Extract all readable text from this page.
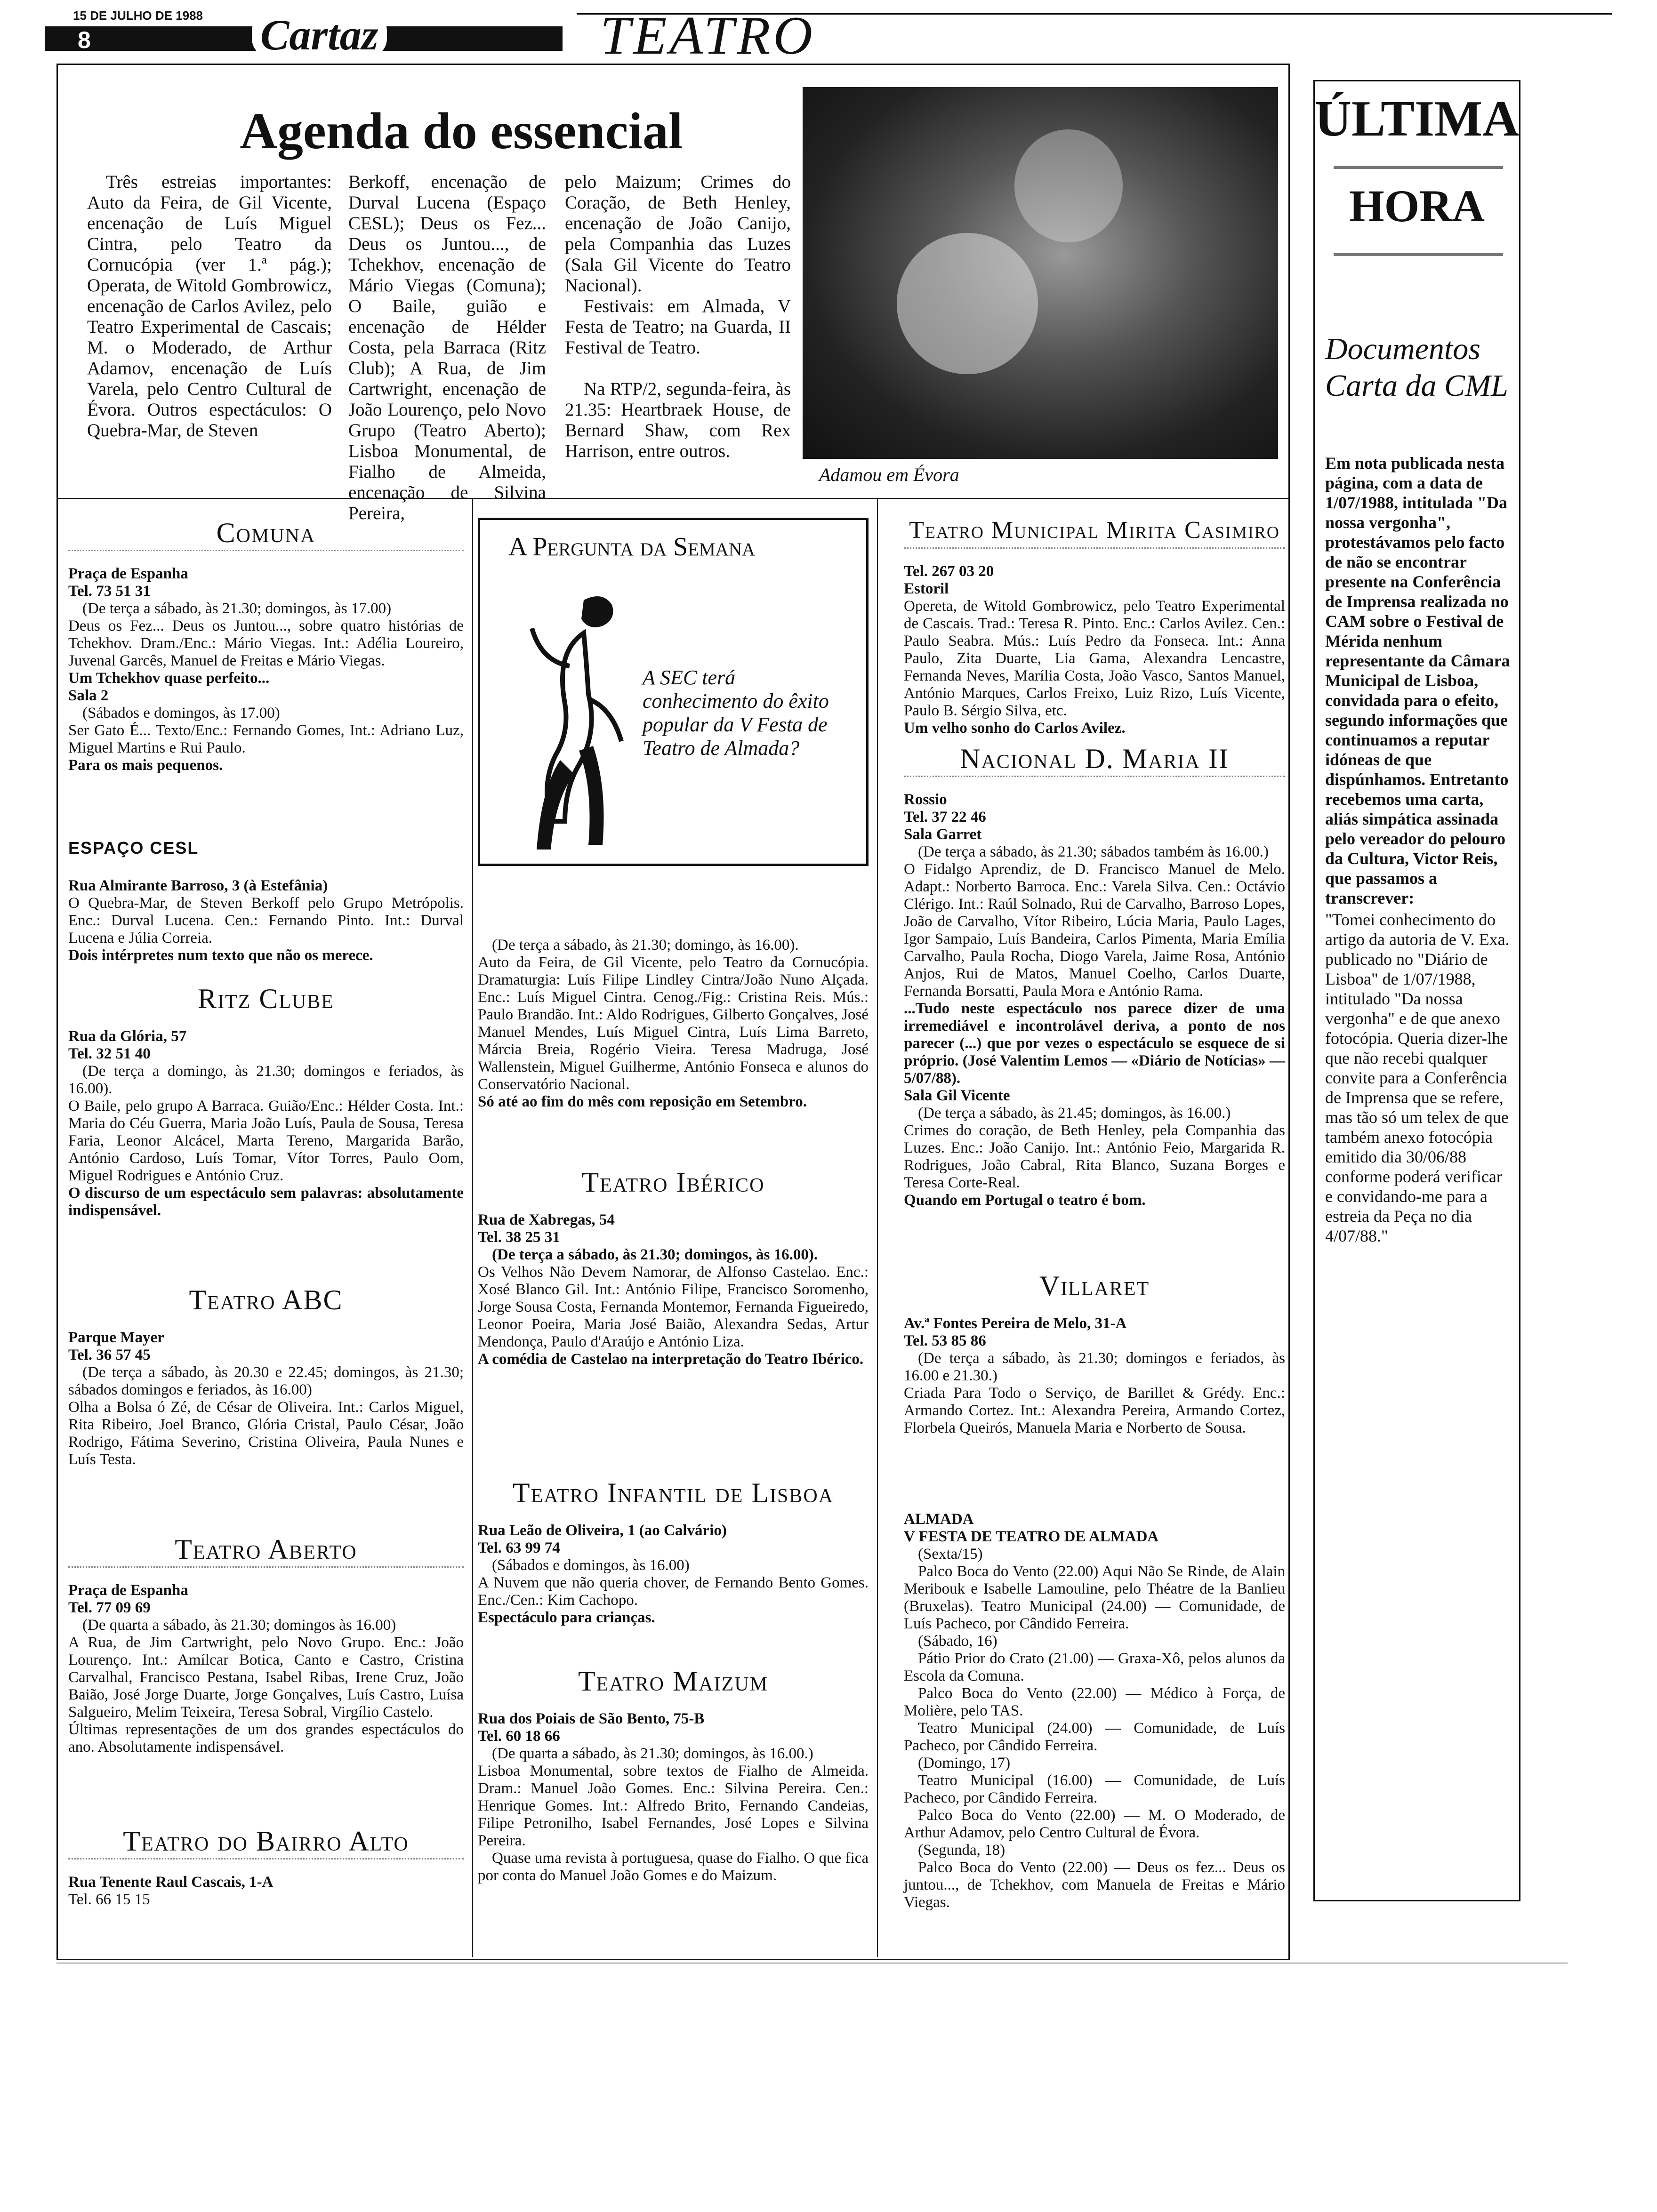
15 DE JULHO DE 1988
8	Cartaz	TEATRO
Agenda do essencial

Três estreias importantes: Auto da Feira, de Gil Vicente, encenação de Luís Miguel Cintra, pelo Teatro da Cornucópia (ver 1.ª pág.); Operata, de Witold Gombrowicz, encenação de Carlos Avilez, pelo Teatro Experimental de Cascais; M. o Moderado, de Arthur Adamov, encenação de Luís Varela, pelo Centro Cultural de Évora. Outros espectáculos: O Quebra-Mar, de Steven

Berkoff, encenação de Durval Lucena (Espaço CESL); Deus os Fez... Deus os Juntou..., de Tchekhov, encenação de Mário Viegas (Comuna); O Baile, guião e encenação de Hélder Costa, pela Barraca (Ritz Club); A Rua, de Jim Cartwright, encenação de João Lourenço, pelo Novo Grupo (Teatro Aberto); Lisboa Monumental, de Fialho de Almeida, encenação de Silvina Pereira,

pelo Maizum; Crimes do Coração, de Beth Henley, encenação de João Canijo, pela Companhia das Luzes (Sala Gil Vicente do Teatro Nacional).

Festivais: em Almada, V Festa de Teatro; na Guarda, II Festival de Teatro.

Na RTP/2, segunda-feira, às 21.35: Heartbraek House, de Bernard Shaw, com Rex Harrison, entre outros.

Adamou em Évora
Comuna

Praça de Espanha

Tel. 73 51 31

(De terça a sábado, às 21.30; domingos, às 17.00)

Deus os Fez... Deus os Juntou..., sobre quatro histórias de Tchekhov. Dram./Enc.: Mário Viegas. Int.: Adélia Loureiro, Juvenal Garcês, Manuel de Freitas e Mário Viegas.

Um Tchekhov quase perfeito...

Sala 2

(Sábados e domingos, às 17.00)

Ser Gato É... Texto/Enc.: Fernando Gomes, Int.: Adriano Luz, Miguel Martins e Rui Paulo.

Para os mais pequenos.

ESPAÇO CESL

Rua Almirante Barroso, 3 (à Estefânia)

O Quebra-Mar, de Steven Berkoff pelo Grupo Metrópolis. Enc.: Durval Lucena. Cen.: Fernando Pinto. Int.: Durval Lucena e Júlia Correia.

Dois intérpretes num texto que não os merece.

Ritz Clube

Rua da Glória, 57

Tel. 32 51 40

(De terça a domingo, às 21.30; domingos e feriados, às 16.00).

O Baile, pelo grupo A Barraca. Guião/Enc.: Hélder Costa. Int.: Maria do Céu Guerra, Maria João Luís, Paula de Sousa, Teresa Faria, Leonor Alcácel, Marta Tereno, Margarida Barão, António Cardoso, Luís Tomar, Vítor Torres, Paulo Oom, Miguel Rodrigues e António Cruz.

O discurso de um espectáculo sem palavras: absolutamente indispensável.

Teatro ABC

Parque Mayer

Tel. 36 57 45

(De terça a sábado, às 20.30 e 22.45; domingos, às 21.30; sábados domingos e feriados, às 16.00)

Olha a Bolsa ó Zé, de César de Oliveira. Int.: Carlos Miguel, Rita Ribeiro, Joel Branco, Glória Cristal, Paulo César, João Rodrigo, Fátima Severino, Cristina Oliveira, Paula Nunes e Luís Testa.

Teatro Aberto

Praça de Espanha

Tel. 77 09 69

(De quarta a sábado, às 21.30; domingos às 16.00)

A Rua, de Jim Cartwright, pelo Novo Grupo. Enc.: João Lourenço. Int.: Amílcar Botica, Canto e Castro, Cristina Carvalhal, Francisco Pestana, Isabel Ribas, Irene Cruz, João Baião, José Jorge Duarte, Jorge Gonçalves, Luís Castro, Luísa Salgueiro, Melim Teixeira, Teresa Sobral, Virgílio Castelo.

Últimas representações de um dos grandes espectáculos do ano. Absolutamente indispensável.

Teatro do Bairro Alto

Rua Tenente Raul Cascais, 1-A

Tel. 66 15 15

A Pergunta da Semana
A SEC terá conhecimento do êxito popular da V Festa de Teatro de Almada?

(De terça a sábado, às 21.30; domingo, às 16.00).

Auto da Feira, de Gil Vicente, pelo Teatro da Cornucópia. Dramaturgia: Luís Filipe Lindley Cintra/João Nuno Alçada. Enc.: Luís Miguel Cintra. Cenog./Fig.: Cristina Reis. Mús.: Paulo Brandão. Int.: Aldo Rodrigues, Gilberto Gonçalves, José Manuel Mendes, Luís Miguel Cintra, Luís Lima Barreto, Márcia Breia, Rogério Vieira. Teresa Madruga, José Wallenstein, Miguel Guilherme, António Fonseca e alunos do Conservatório Nacional.

Só até ao fim do mês com reposição em Setembro.

Teatro Ibérico

Rua de Xabregas, 54

Tel. 38 25 31

(De terça a sábado, às 21.30; domingos, às 16.00).

Os Velhos Não Devem Namorar, de Alfonso Castelao. Enc.: Xosé Blanco Gil. Int.: António Filipe, Francisco Soromenho, Jorge Sousa Costa, Fernanda Montemor, Fernanda Figueiredo, Leonor Poeira, Maria José Baião, Alexandra Sedas, Artur Mendonça, Paulo d'Araújo e António Liza.

A comédia de Castelao na interpretação do Teatro Ibérico.

Teatro Infantil de Lisboa

Rua Leão de Oliveira, 1 (ao Calvário)

Tel. 63 99 74

(Sábados e domingos, às 16.00)

A Nuvem que não queria chover, de Fernando Bento Gomes. Enc./Cen.: Kim Cachopo.

Espectáculo para crianças.

Teatro Maizum

Rua dos Poiais de São Bento, 75-B

Tel. 60 18 66

(De quarta a sábado, às 21.30; domingos, às 16.00.)

Lisboa Monumental, sobre textos de Fialho de Almeida. Dram.: Manuel João Gomes. Enc.: Silvina Pereira. Cen.: Henrique Gomes. Int.: Alfredo Brito, Fernando Candeias, Filipe Petronilho, Isabel Fernandes, José Lopes e Silvina Pereira.

Quase uma revista à portuguesa, quase do Fialho. O que fica por conta do Manuel João Gomes e do Maizum.

Teatro Municipal Mirita Casimiro

Tel. 267 03 20

Estoril

Opereta, de Witold Gombrowicz, pelo Teatro Experimental de Cascais. Trad.: Teresa R. Pinto. Enc.: Carlos Avilez. Cen.: Paulo Seabra. Mús.: Luís Pedro da Fonseca. Int.: Anna Paulo, Zita Duarte, Lia Gama, Alexandra Lencastre, Fernanda Neves, Marília Costa, João Vasco, Santos Manuel, António Marques, Carlos Freixo, Luiz Rizo, Luís Vicente, Paulo B. Sérgio Silva, etc.

Um velho sonho do Carlos Avilez.

Nacional D. Maria II

Rossio

Tel. 37 22 46

Sala Garret

(De terça a sábado, às 21.30; sábados também às 16.00.)

O Fidalgo Aprendiz, de D. Francisco Manuel de Melo. Adapt.: Norberto Barroca. Enc.: Varela Silva. Cen.: Octávio Clérigo. Int.: Raúl Solnado, Rui de Carvalho, Barroso Lopes, João de Carvalho, Vítor Ribeiro, Lúcia Maria, Paulo Lages, Igor Sampaio, Luís Bandeira, Carlos Pimenta, Maria Emília Carvalho, Paula Rocha, Diogo Varela, Jaime Rosa, António Anjos, Rui de Matos, Manuel Coelho, Carlos Duarte, Fernanda Borsatti, Paula Mora e António Rama.

...Tudo neste espectáculo nos parece dizer de uma irremediável e incontrolável deriva, a ponto de nos parecer (...) que por vezes o espectáculo se esquece de si próprio. (José Valentim Lemos — «Diário de Notícias» — 5/07/88).

Sala Gil Vicente

(De terça a sábado, às 21.45; domingos, às 16.00.)

Crimes do coração, de Beth Henley, pela Companhia das Luzes. Enc.: João Canijo. Int.: António Feio, Margarida R. Rodrigues, João Cabral, Rita Blanco, Suzana Borges e Teresa Corte-Real.

Quando em Portugal o teatro é bom.

Villaret

Av.ª Fontes Pereira de Melo, 31-A

Tel. 53 85 86

(De terça a sábado, às 21.30; domingos e feriados, às 16.00 e 21.30.)

Criada Para Todo o Serviço, de Barillet & Grédy. Enc.: Armando Cortez. Int.: Alexandra Pereira, Armando Cortez, Florbela Queirós, Manuela Maria e Norberto de Sousa.

ALMADA

V FESTA DE TEATRO DE ALMADA

(Sexta/15)

Palco Boca do Vento (22.00) Aqui Não Se Rinde, de Alain Meribouk e Isabelle Lamouline, pelo Théatre de la Banlieu (Bruxelas). Teatro Municipal (24.00) — Comunidade, de Luís Pacheco, por Cândido Ferreira.

(Sábado, 16)

Pátio Prior do Crato (21.00) — Graxa-Xô, pelos alunos da Escola da Comuna.

Palco Boca do Vento (22.00) — Médico à Força, de Molière, pelo TAS.

Teatro Municipal (24.00) — Comunidade, de Luís Pacheco, por Cândido Ferreira.

(Domingo, 17)

Teatro Municipal (16.00) — Comunidade, de Luís Pacheco, por Cândido Ferreira.

Palco Boca do Vento (22.00) — M. O Moderado, de Arthur Adamov, pelo Centro Cultural de Évora.

(Segunda, 18)

Palco Boca do Vento (22.00) — Deus os fez... Deus os juntou..., de Tchekhov, com Manuela de Freitas e Mário Viegas.

ÚLTIMA
HORA
Documentos Carta da CML
Em nota publicada nesta página, com a data de 1/07/1988, intitulada "Da nossa vergonha", protestávamos pelo facto de não se encontrar presente na Conferência de Imprensa realizada no CAM sobre o Festival de Mérida nenhum representante da Câmara Municipal de Lisboa, convidada para o efeito, segundo informações que continuamos a reputar idóneas de que dispúnhamos. Entretanto recebemos uma carta, aliás simpática assinada pelo vereador do pelouro da Cultura, Victor Reis, que passamos a transcrever:
"Tomei conhecimento do artigo da autoria de V. Exa. publicado no "Diário de Lisboa" de 1/07/1988, intitulado "Da nossa vergonha" e de que anexo fotocópia. Queria dizer-lhe que não recebi qualquer convite para a Conferência de Imprensa que se refere, mas tão só um telex de que também anexo fotocópia emitido dia 30/06/88 conforme poderá verificar e convidando-me para a estreia da Peça no dia 4/07/88."
